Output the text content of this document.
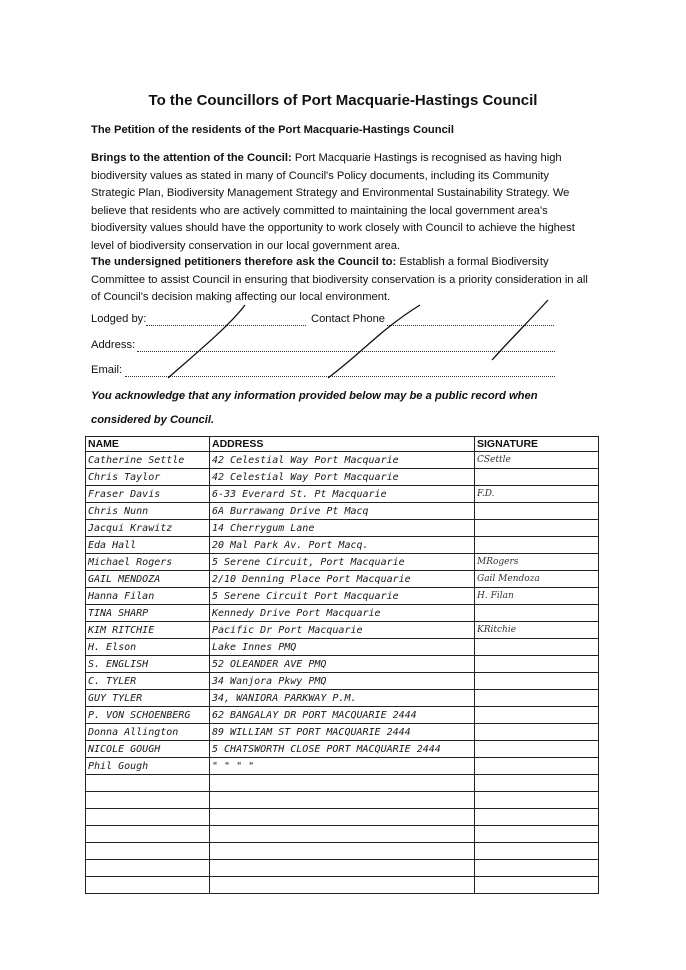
To the Councillors of Port Macquarie-Hastings Council
The Petition of the residents of the Port Macquarie-Hastings Council
Brings to the attention of the Council: Port Macquarie Hastings is recognised as having high biodiversity values as stated in many of Council's Policy documents, including its Community Strategic Plan, Biodiversity Management Strategy and Environmental Sustainability Strategy. We believe that residents who are actively committed to maintaining the local government area's biodiversity values should have the opportunity to work closely with Council to achieve the highest level of biodiversity conservation in our local government area.
The undersigned petitioners therefore ask the Council to: Establish a formal Biodiversity Committee to assist Council in ensuring that biodiversity conservation is a priority consideration in all of Council's decision making affecting our local environment.
Lodged by:	Contact Phone
Address:
Email:
You acknowledge that any information provided below may be a public record when
considered by Council.
NAME	ADDRESS	SIGNATURE
Catherine Settle	42 Celestial Way Port Macquarie	CSettle
Chris Taylor	42 Celestial Way Port Macquarie	
Fraser Davis	6-33 Everard St. Pt Macquarie	F.D.
Chris Nunn	6A Burrawang Drive Pt Macq	
Jacqui Krawitz	14 Cherrygum Lane	
Eda Hall	20 Mal Park Av. Port Macq.	
Michael Rogers	5 Serene Circuit, Port Macquarie	MRogers
GAIL MENDOZA	2/10 Denning Place Port Macquarie	Gail Mendoza
Hanna Filan	5 Serene Circuit Port Macquarie	H. Filan
TINA SHARP	Kennedy Drive Port Macquarie	
KIM RITCHIE	Pacific Dr Port Macquarie	KRitchie
H. Elson	Lake Innes PMQ	
S. ENGLISH	52 OLEANDER AVE PMQ	
C. TYLER	34 Wanjora Pkwy PMQ	
GUY TYLER	34, WANIORA PARKWAY P.M.	
P. VON SCHOENBERG	62 BANGALAY DR PORT MACQUARIE 2444	
Donna Allington	89 WILLIAM ST PORT MACQUARIE 2444	
NICOLE GOUGH	5 CHATSWORTH CLOSE PORT MACQUARIE 2444	
Phil Gough	" " " "	
